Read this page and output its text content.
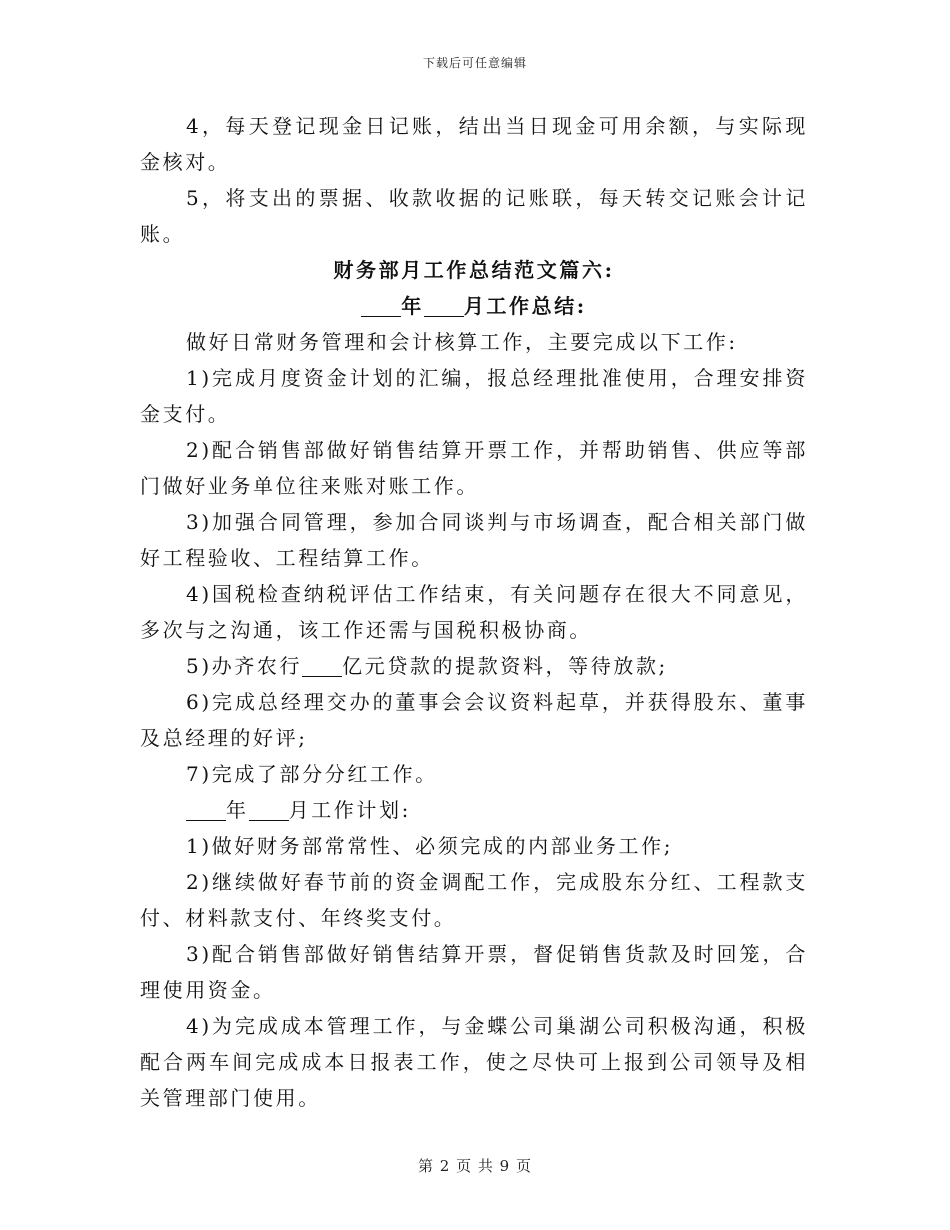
下载后可任意编辑

4，每天登记现金日记账，结出当日现金可用余额，与实际现金核对。

5，将支出的票据、收款收据的记账联，每天转交记账会计记账。

财务部月工作总结范文篇六:

年 月工作总结:

做好日常财务管理和会计核算工作，主要完成以下工作:

1)完成月度资金计划的汇编，报总经理批准使用，合理安排资金支付。

2)配合销售部做好销售结算开票工作，并帮助销售、供应等部门做好业务单位往来账对账工作。

3)加强合同管理，参加合同谈判与市场调查，配合相关部门做好工程验收、工程结算工作。

4)国税检查纳税评估工作结束，有关问题存在很大不同意见，多次与之沟通，该工作还需与国税积极协商。

5)办齐农行 亿元贷款的提款资料，等待放款;

6)完成总经理交办的董事会会议资料起草，并获得股东、董事及总经理的好评;

7)完成了部分分红工作。

年 月工作计划:

1)做好财务部常常性、必须完成的内部业务工作;

2)继续做好春节前的资金调配工作，完成股东分红、工程款支付、材料款支付、年终奖支付。

3)配合销售部做好销售结算开票，督促销售货款及时回笼，合理使用资金。

4)为完成成本管理工作，与金蝶公司巢湖公司积极沟通，积极配合两车间完成成本日报表工作，使之尽快可上报到公司领导及相关管理部门使用。

第 2 页 共 9 页
